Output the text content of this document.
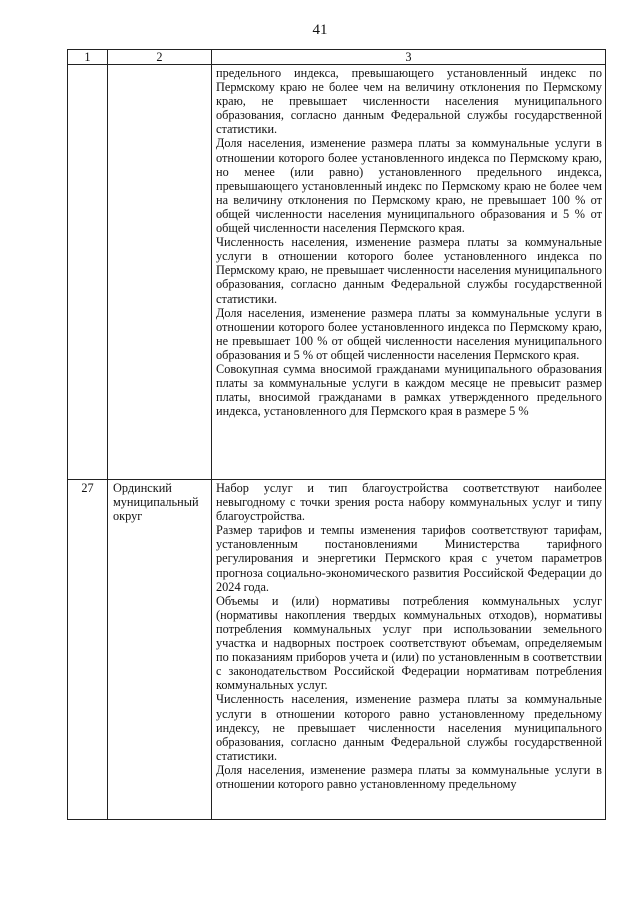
41
1	2	3

		предельного индекса, превышающего установленный индекс по Пермскому краю не более чем на величину отклонения по Пермскому краю, не превышает численности населения муниципального образования, согласно данным Федеральной службы государственной статистики.

Доля населения, изменение размера платы за коммунальные услуги в отношении которого более установленного индекса по Пермскому краю, но менее (или равно) установленного предельного индекса, превышающего установленный индекс по Пермскому краю не более чем на величину отклонения по Пермскому краю, не превышает 100 % от общей численности населения муниципального образования и 5 % от общей численности населения Пермского края.

Численность населения, изменение размера платы за коммунальные услуги в отношении которого более установленного индекса по Пермскому краю, не превышает численности населения муниципального образования, согласно данным Федеральной службы государственной статистики.

Доля населения, изменение размера платы за коммунальные услуги в отношении которого более установленного индекса по Пермскому краю, не превышает 100 % от общей численности населения муниципального образования и 5 % от общей численности населения Пермского края.

Совокупная сумма вносимой гражданами муниципального образования платы за коммунальные услуги в каждом месяце не превысит размер платы, вносимой гражданами в рамках утвержденного предельного индекса, установленного для Пермского края в размере 5 %

27	Ординский муниципальный округ	Набор услуг и тип благоустройства соответствуют наиболее невыгодному с точки зрения роста набору коммунальных услуг и типу благоустройства.

Размер тарифов и темпы изменения тарифов соответствуют тарифам, установленным постановлениями Министерства тарифного регулирования и энергетики Пермского края с учетом параметров прогноза социально-экономического развития Российской Федерации до 2024 года.

Объемы и (или) нормативы потребления коммунальных услуг (нормативы накопления твердых коммунальных отходов), нормативы потребления коммунальных услуг при использовании земельного участка и надворных построек соответствуют объемам, определяемым по показаниям приборов учета и (или) по установленным в соответствии с законодательством Российской Федерации нормативам потребления коммунальных услуг.

Численность населения, изменение размера платы за коммунальные услуги в отношении которого равно установленному предельному индексу, не превышает численности населения муниципального образования, согласно данным Федеральной службы государственной статистики.

Доля населения, изменение размера платы за коммунальные услуги в отношении которого равно установленному предельному
